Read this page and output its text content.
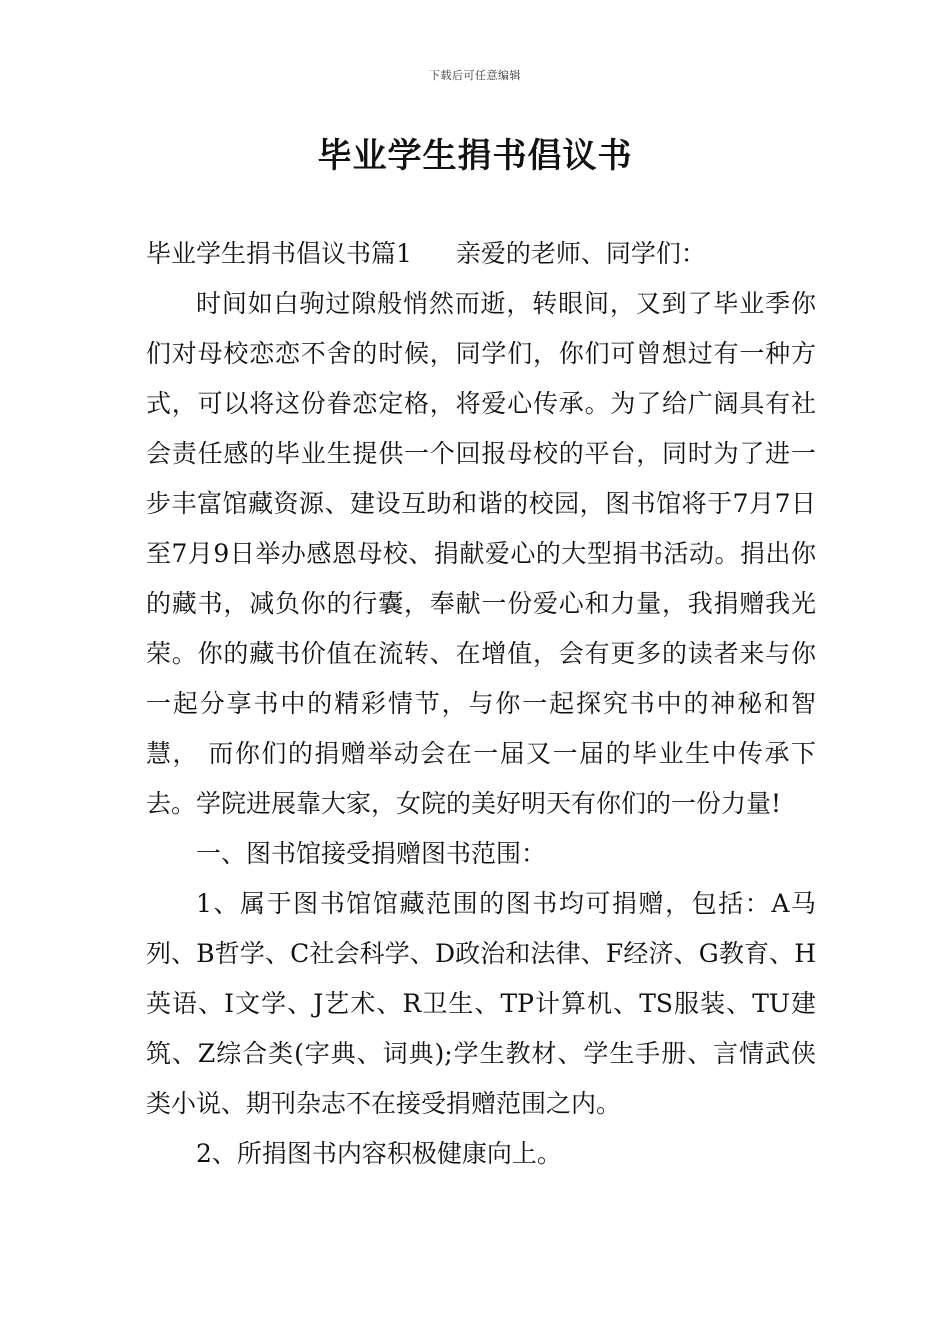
下载后可任意编辑
毕业学生捐书倡议书

毕业学生捐书倡议书篇1 亲爱的老师、同学们：

时间如白驹过隙般悄然而逝，转眼间，又到了毕业季你们对母校恋恋不舍的时候，同学们，你们可曾想过有一种方式，可以将这份眷恋定格，将爱心传承。为了给广阔具有社会责任感的毕业生提供一个回报母校的平台，同时为了进一步丰富馆藏资源、建设互助和谐的校园，图书馆将于7月7日至7月9日举办感恩母校、捐献爱心的大型捐书活动。捐出你的藏书，减负你的行囊，奉献一份爱心和力量，我捐赠我光荣。你的藏书价值在流转、在增值，会有更多的读者来与你一起分享书中的精彩情节，与你一起探究书中的神秘和智慧， 而你们的捐赠举动会在一届又一届的毕业生中传承下去。学院进展靠大家，女院的美好明天有你们的一份力量!

一、图书馆接受捐赠图书范围：

1、属于图书馆馆藏范围的图书均可捐赠，包括：A马列、B哲学、C社会科学、D政治和法律、F经济、G教育、H英语、I文学、J艺术、R卫生、TP计算机、TS服装、TU建筑、Z综合类(字典、词典);学生教材、学生手册、言情武侠类小说、期刊杂志不在接受捐赠范围之内。

2、所捐图书内容积极健康向上。
